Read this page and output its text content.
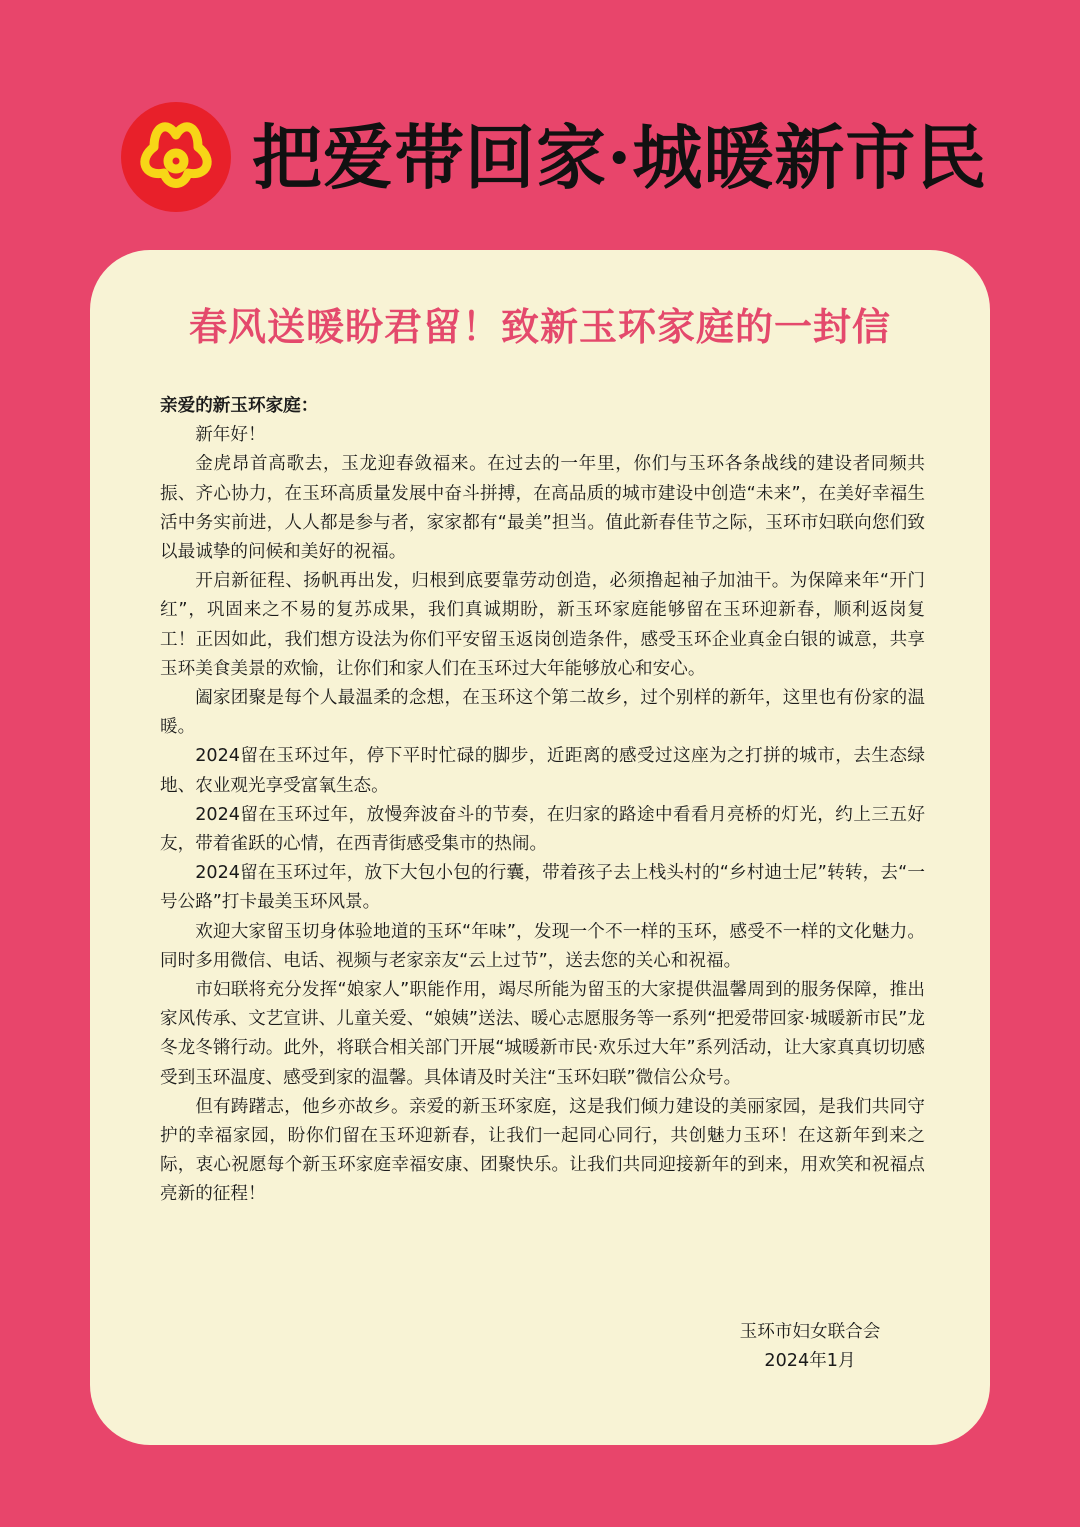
把爱带回家·城暖新市民
春风送暖盼君留！致新玉环家庭的一封信
亲爱的新玉环家庭：

新年好！

金虎昂首高歌去，玉龙迎春敛福来。在过去的一年里，你们与玉环各条战线的建设者同频共振、齐心协力，在玉环高质量发展中奋斗拼搏，在高品质的城市建设中创造“未来”，在美好幸福生活中务实前进，人人都是参与者，家家都有“最美”担当。值此新春佳节之际，玉环市妇联向您们致以最诚挚的问候和美好的祝福。

开启新征程、扬帆再出发，归根到底要靠劳动创造，必须撸起袖子加油干。为保障来年“开门红”，巩固来之不易的复苏成果，我们真诚期盼，新玉环家庭能够留在玉环迎新春，顺利返岗复工！正因如此，我们想方设法为你们平安留玉返岗创造条件，感受玉环企业真金白银的诚意，共享玉环美食美景的欢愉，让你们和家人们在玉环过大年能够放心和安心。

阖家团聚是每个人最温柔的念想，在玉环这个第二故乡，过个别样的新年，这里也有份家的温暖。

2024留在玉环过年，停下平时忙碌的脚步，近距离的感受过这座为之打拼的城市，去生态绿地、农业观光享受富氧生态。

2024留在玉环过年，放慢奔波奋斗的节奏，在归家的路途中看看月亮桥的灯光，约上三五好友，带着雀跃的心情，在西青街感受集市的热闹。

2024留在玉环过年，放下大包小包的行囊，带着孩子去上栈头村的“乡村迪士尼”转转，去“一号公路”打卡最美玉环风景。

欢迎大家留玉切身体验地道的玉环“年味”，发现一个不一样的玉环，感受不一样的文化魅力。同时多用微信、电话、视频与老家亲友“云上过节”，送去您的关心和祝福。

市妇联将充分发挥“娘家人”职能作用，竭尽所能为留玉的大家提供温馨周到的服务保障，推出家风传承、文艺宣讲、儿童关爱、“娘姨”送法、暖心志愿服务等一系列“把爱带回家·城暖新市民”龙冬龙冬锵行动。此外，将联合相关部门开展“城暖新市民·欢乐过大年”系列活动，让大家真真切切感受到玉环温度、感受到家的温馨。具体请及时关注“玉环妇联”微信公众号。

但有踌躇志，他乡亦故乡。亲爱的新玉环家庭，这是我们倾力建设的美丽家园，是我们共同守护的幸福家园，盼你们留在玉环迎新春，让我们一起同心同行，共创魅力玉环！在这新年到来之际，衷心祝愿每个新玉环家庭幸福安康、团聚快乐。让我们共同迎接新年的到来，用欢笑和祝福点亮新的征程！

玉环市妇女联合会
2024年1月
